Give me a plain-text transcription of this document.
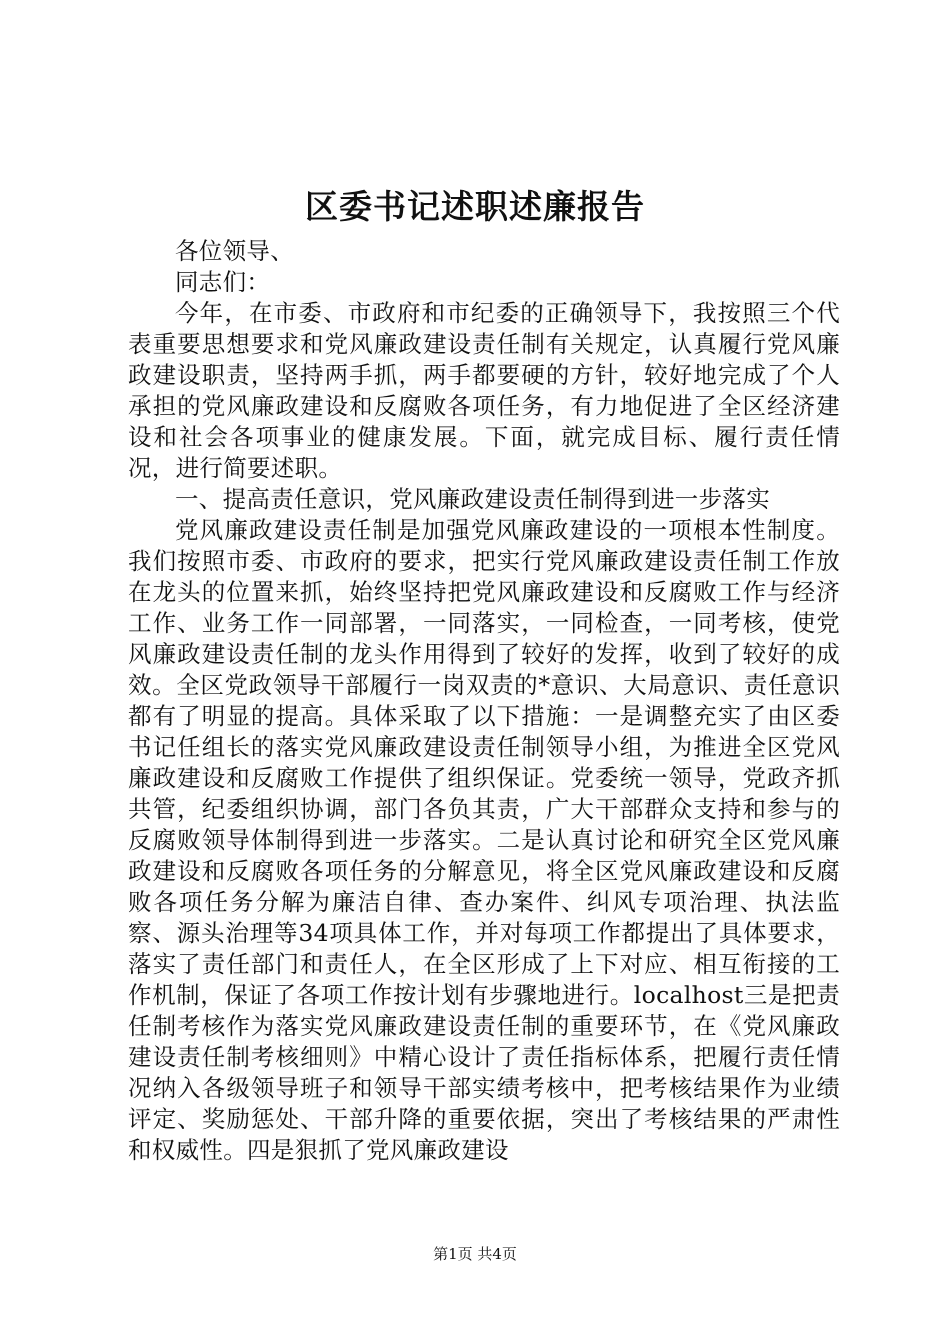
区委书记述职述廉报告

各位领导、

同志们：

今年，在市委、市政府和市纪委的正确领导下，我按照三个代表重要思想要求和党风廉政建设责任制有关规定，认真履行党风廉政建设职责，坚持两手抓，两手都要硬的方针，较好地完成了个人承担的党风廉政建设和反腐败各项任务，有力地促进了全区经济建设和社会各项事业的健康发展。下面，就完成目标、履行责任情况，进行简要述职。

一、提高责任意识，党风廉政建设责任制得到进一步落实

党风廉政建设责任制是加强党风廉政建设的一项根本性制度。我们按照市委、市政府的要求，把实行党风廉政建设责任制工作放在龙头的位置来抓，始终坚持把党风廉政建设和反腐败工作与经济工作、业务工作一同部署，一同落实，一同检查，一同考核，使党风廉政建设责任制的龙头作用得到了较好的发挥，收到了较好的成效。全区党政领导干部履行一岗双责的*意识、大局意识、责任意识都有了明显的提高。具体采取了以下措施：一是调整充实了由区委书记任组长的落实党风廉政建设责任制领导小组，为推进全区党风廉政建设和反腐败工作提供了组织保证。党委统一领导，党政齐抓共管，纪委组织协调，部门各负其责，广大干部群众支持和参与的反腐败领导体制得到进一步落实。二是认真讨论和研究全区党风廉政建设和反腐败各项任务的分解意见，将全区党风廉政建设和反腐败各项任务分解为廉洁自律、查办案件、纠风专项治理、执法监察、源头治理等34项具体工作，并对每项工作都提出了具体要求，落实了责任部门和责任人，在全区形成了上下对应、相互衔接的工作机制，保证了各项工作按计划有步骤地进行。localhost三是把责任制考核作为落实党风廉政建设责任制的重要环节，在《党风廉政建设责任制考核细则》中精心设计了责任指标体系，把履行责任情况纳入各级领导班子和领导干部实绩考核中，把考核结果作为业绩评定、奖励惩处、干部升降的重要依据，突出了考核结果的严肃性和权威性。四是狠抓了党风廉政建设

第1页 共4页
